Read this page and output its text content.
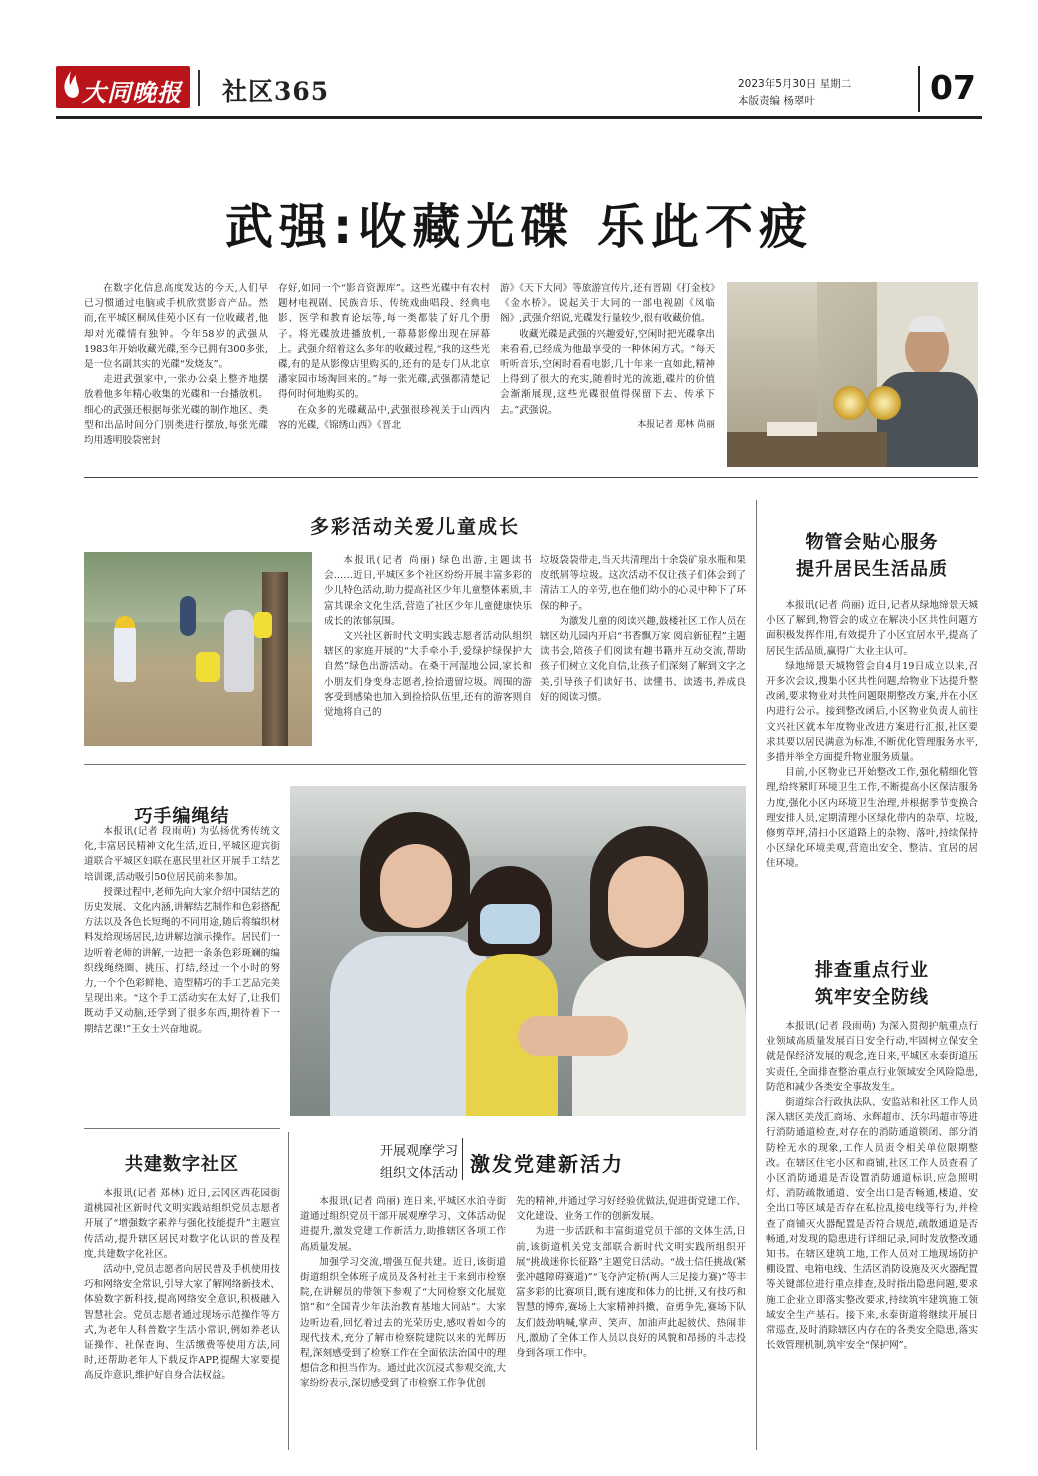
大同晚报 社区365	2023年5月30日 星期二
本版责编 杨翠叶	07
武强:收藏光碟 乐此不疲

在数字化信息高度发达的今天,人们早已习惯通过电脑或手机欣赏影音产品。然而,在平城区桐凤佳苑小区有一位收藏者,他却对光碟情有独钟。今年58岁的武强从1983年开始收藏光碟,至今已拥有300多张,是一位名副其实的光碟“发烧友”。

走进武强家中,一张办公桌上整齐地摆放着他多年精心收集的光碟和一台播放机。细心的武强还根据每张光碟的制作地区、类型和出品时间分门别类进行摆放,每张光碟均用透明胶袋密封

存好,如同一个“影音资源库”。这些光碟中有农村题材电视剧、民族音乐、传统戏曲唱段、经典电影、医学和教育论坛等,每一类都装了好几个册子。将光碟放进播放机,一幕幕影像出现在屏幕上。武强介绍着这么多年的收藏过程,“我的这些光碟,有的是从影像店里购买的,还有的是专门从北京潘家园市场淘回来的。”每一张光碟,武强都清楚记得何时何地购买的。

在众多的光碟藏品中,武强很珍视关于山西内容的光碟,《锦绣山西》《晋北

游》《天下大同》等旅游宣传片,还有晋剧《打金枝》《金水桥》。说起关于大同的一部电视剧《凤临阁》,武强介绍说,光碟发行量较少,很有收藏价值。

收藏光碟是武强的兴趣爱好,空闲时把光碟拿出来看看,已经成为他最享受的一种休闲方式。“每天听听音乐,空闲时看看电影,几十年来一直如此,精神上得到了很大的充实,随着时光的流逝,碟片的价值会渐渐展现,这些光碟很值得保留下去、传承下去。”武强说。

本报记者 郑林 尚丽

多彩活动关爱儿童成长

本报讯(记者 尚丽) 绿色出游,主题读书会……近日,平城区多个社区纷纷开展丰富多彩的少儿特色活动,助力提高社区少年儿童整体素质,丰富其课余文化生活,营造了社区少年儿童健康快乐成长的浓郁氛围。

文兴社区新时代文明实践志愿者活动队组织辖区的家庭开展的“大手牵小手,爱绿护绿保护大自然”绿色出游活动。在桑干河湿地公园,家长和小朋友们身变身志愿者,捡拾遗留垃圾。周围的游客受到感染也加入到捡拾队伍里,还有的游客则自觉地将自己的

垃圾袋袋带走,当天共清理出十余袋矿泉水瓶和果皮纸屑等垃圾。这次活动不仅让孩子们体会到了清洁工人的辛劳,也在他们幼小的心灵中种下了环保的种子。

为激发儿童的阅读兴趣,鼓楼社区工作人员在辖区幼儿园内开启“书香飘万家 阅启新征程”主题读书会,陪孩子们阅读有趣书籍并互动交流,帮助孩子们树立文化自信,让孩子们深刻了解到文字之美,引导孩子们读好书、读懂书、读透书,养成良好的阅读习惯。

物管会贴心服务
提升居民生活品质

本报讯(记者 尚丽) 近日,记者从绿地缔景天城小区了解到,物管会的成立在解决小区共性问题方面积极发挥作用,有效提升了小区宜居水平,提高了居民生活品质,赢得广大业主认可。

绿地缔景天城物管会自4月19日成立以来,召开多次会议,搜集小区共性问题,给物业下达提升整改函,要求物业对共性问题限期整改方案,并在小区内进行公示。接到整改函后,小区物业负责人前往文兴社区就本年度物业改进方案进行汇报,社区要求其要以居民满意为标准,不断优化管理服务水平,多措并举全方面提升物业服务质量。

目前,小区物业已开始整改工作,强化精细化管理,给终紧盯环境卫生工作,不断提高小区保洁服务力度,强化小区内环境卫生治理,并根据季节变换合理安排人员,定期清理小区绿化带内的杂草、垃圾,修剪草坪,清扫小区道路上的杂物、落叶,持续保持小区绿化环境美观,营造出安全、整洁、宜居的居住环境。

排查重点行业
筑牢安全防线

本报讯(记者 段雨萌) 为深入贯彻护航重点行业领域高质量发展百日安全行动,牢固树立保安全就是保经济发展的观念,连日来,平城区永泰街道压实责任,全面排查整治重点行业领域安全风险隐患,防范和减少各类安全事故发生。

街道综合行政执法队、安监站和社区工作人员深入辖区美茂汇商场、永辉超市、沃尔玛超市等进行消防通道检查,对存在的消防通道锁闭、部分消防栓无水的现象,工作人员责令相关单位限期整改。在辖区住宅小区和商铺,社区工作人员查看了小区消防通道是否设置消防通道标识,应急照明灯、消防疏散通道、安全出口是否畅通,楼道、安全出口等区域是否存在私拉乱接电线等行为,并检查了商铺灭火器配置是否符合规范,疏散通道是否畅通,对发现的隐患进行详细记录,同时发放整改通知书。在辖区建筑工地,工作人员对工地现场防护棚设置、电箱电线、生活区消防设施及灭火器配置等关键部位进行重点排查,及时指出隐患问题,要求施工企业立即落实整改要求,持续筑牢建筑施工领域安全生产基石。接下来,永泰街道将继续开展日常巡查,及时消除辖区内存在的各类安全隐患,落实长效管理机制,筑牢安全“保护网”。

巧手编绳结

本报讯(记者 段雨萌) 为弘扬优秀传统文化,丰富居民精神文化生活,近日,平城区迎宾街道联合平城区妇联在惠民里社区开展手工结艺培训课,活动吸引50位居民前来参加。

授课过程中,老师先向大家介绍中国结艺的历史发展、文化内涵,讲解结艺制作和色彩搭配方法以及各色长短绳的不同用途,随后将编织材料发给现场居民,边讲解边演示操作。居民们一边听着老师的讲解,一边把一条条色彩斑斓的编织线绳绕圈、挑压、打结,经过一个小时的努力,一个个色彩鲜艳、造型精巧的手工艺品完美呈现出来。“这个手工活动实在太好了,让我们既动手又动脑,还学到了很多东西,期待着下一期结艺课!”王女士兴奋地说。

共建数字社区

本报讯(记者 郑林) 近日,云冈区西花园街道桃园社区新时代文明实践站组织党员志愿者开展了“增强数字素养与强化技能提升”主题宣传活动,提升辖区居民对数字化认识的普及程度,共建数字化社区。

活动中,党员志愿者向居民普及手机使用技巧和网络安全常识,引导大家了解网络新技术、体验数字新科技,提高网络安全意识,积极融入智慧社会。党员志愿者通过现场示范操作等方式,为老年人科普数字生活小常识,例如养老认证操作、社保查询、生活缴费等使用方法,同时,还帮助老年人下载反诈APP,提醒大家要提高反诈意识,维护好自身合法权益。

开展观摩学习
组织文体活动 激发党建新活力

本报讯(记者 尚丽) 连日来,平城区水泊寺街道通过组织党员干部开展观摩学习、文体活动促进提升,激发党建工作新活力,助推辖区各项工作高质量发展。

加强学习交流,增强互促共建。近日,该街道街道组织全体班子成员及各村社主干来到市检察院,在讲解员的带领下参观了“大同检察文化展览馆”和“全国青少年法治教育基地大同站”。大家边听边看,回忆着过去的光荣历史,感叹着如今的现代技术,充分了解市检察院建院以来的光辉历程,深刻感受到了检察工作在全面依法治国中的理想信念和担当作为。通过此次沉浸式参观交流,大家纷纷表示,深切感受到了市检察工作争优创

先的精神,并通过学习好经验优做法,促进街党建工作、文化建设、业务工作的创新发展。

为进一步活跃和丰富街道党员干部的文体生活,日前,该街道机关党支部联合新时代文明实践所组织开展“挑战迷你长征路”主题党日活动。“战士信任挑战(紧张冲越障碍赛道)”“飞夺泸定桥(两人三足接力赛)”等丰富多彩的比赛项目,既有速度和体力的比拼,又有技巧和智慧的博弈,赛场上大家精神抖擞、奋勇争先,赛场下队友们鼓劲呐喊,掌声、笑声、加油声此起彼伏、热闹非凡,激励了全体工作人员以良好的风貌和昂扬的斗志投身到各项工作中。
